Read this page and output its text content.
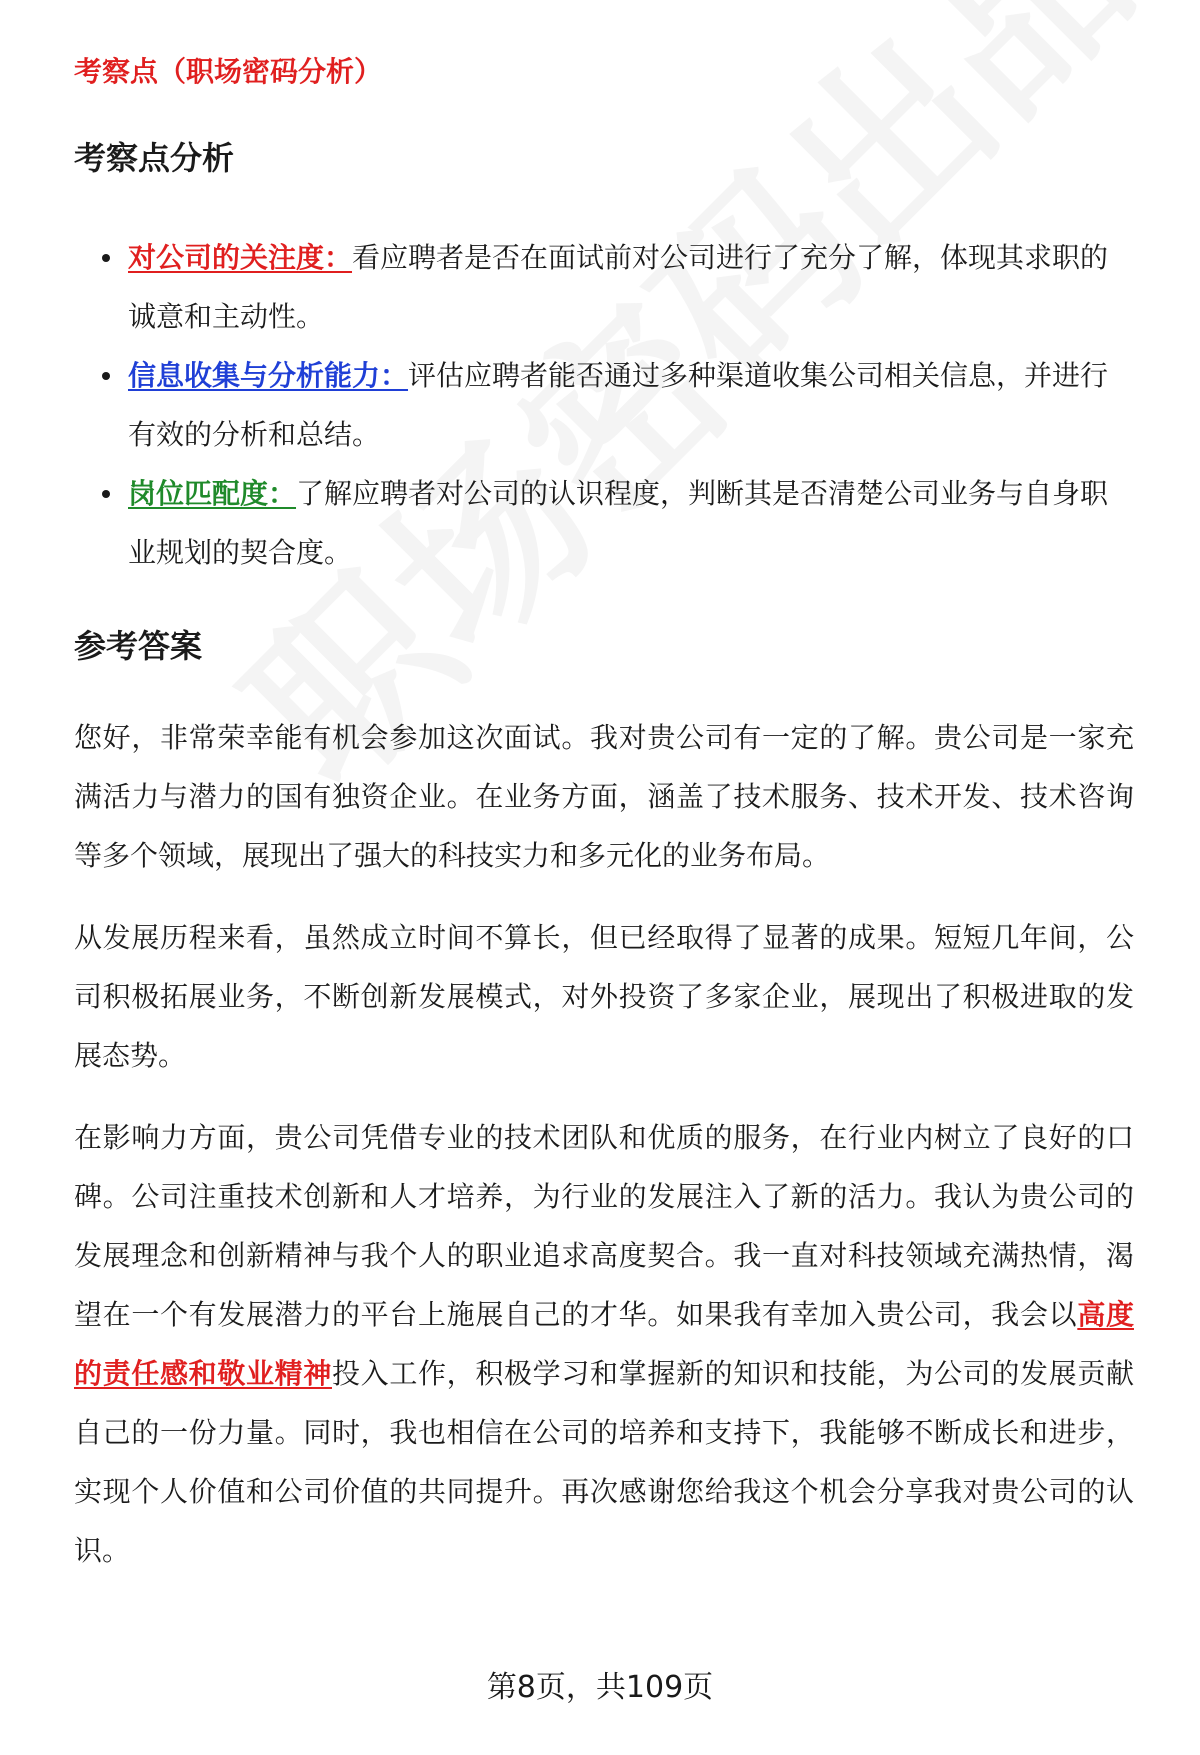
考察点（职场密码分析）
考察点分析
对公司的关注度：看应聘者是否在面试前对公司进行了充分了解，体现其求职的诚意和主动性。
信息收集与分析能力：评估应聘者能否通过多种渠道收集公司相关信息，并进行有效的分析和总结。
岗位匹配度：了解应聘者对公司的认识程度，判断其是否清楚公司业务与自身职业规划的契合度。
参考答案

您好，非常荣幸能有机会参加这次面试。我对贵公司有一定的了解。贵公司是一家充满活力与潜力的国有独资企业。在业务方面，涵盖了技术服务、技术开发、技术咨询等多个领域，展现出了强大的科技实力和多元化的业务布局。

从发展历程来看，虽然成立时间不算长，但已经取得了显著的成果。短短几年间，公司积极拓展业务，不断创新发展模式，对外投资了多家企业，展现出了积极进取的发展态势。

在影响力方面，贵公司凭借专业的技术团队和优质的服务，在行业内树立了良好的口碑。公司注重技术创新和人才培养，为行业的发展注入了新的活力。我认为贵公司的发展理念和创新精神与我个人的职业追求高度契合。我一直对科技领域充满热情，渴望在一个有发展潜力的平台上施展自己的才华。如果我有幸加入贵公司，我会以高度的责任感和敬业精神投入工作，积极学习和掌握新的知识和技能，为公司的发展贡献自己的一份力量。同时，我也相信在公司的培养和支持下，我能够不断成长和进步，实现个人价值和公司价值的共同提升。再次感谢您给我这个机会分享我对贵公司的认识。

第8页，共109页
